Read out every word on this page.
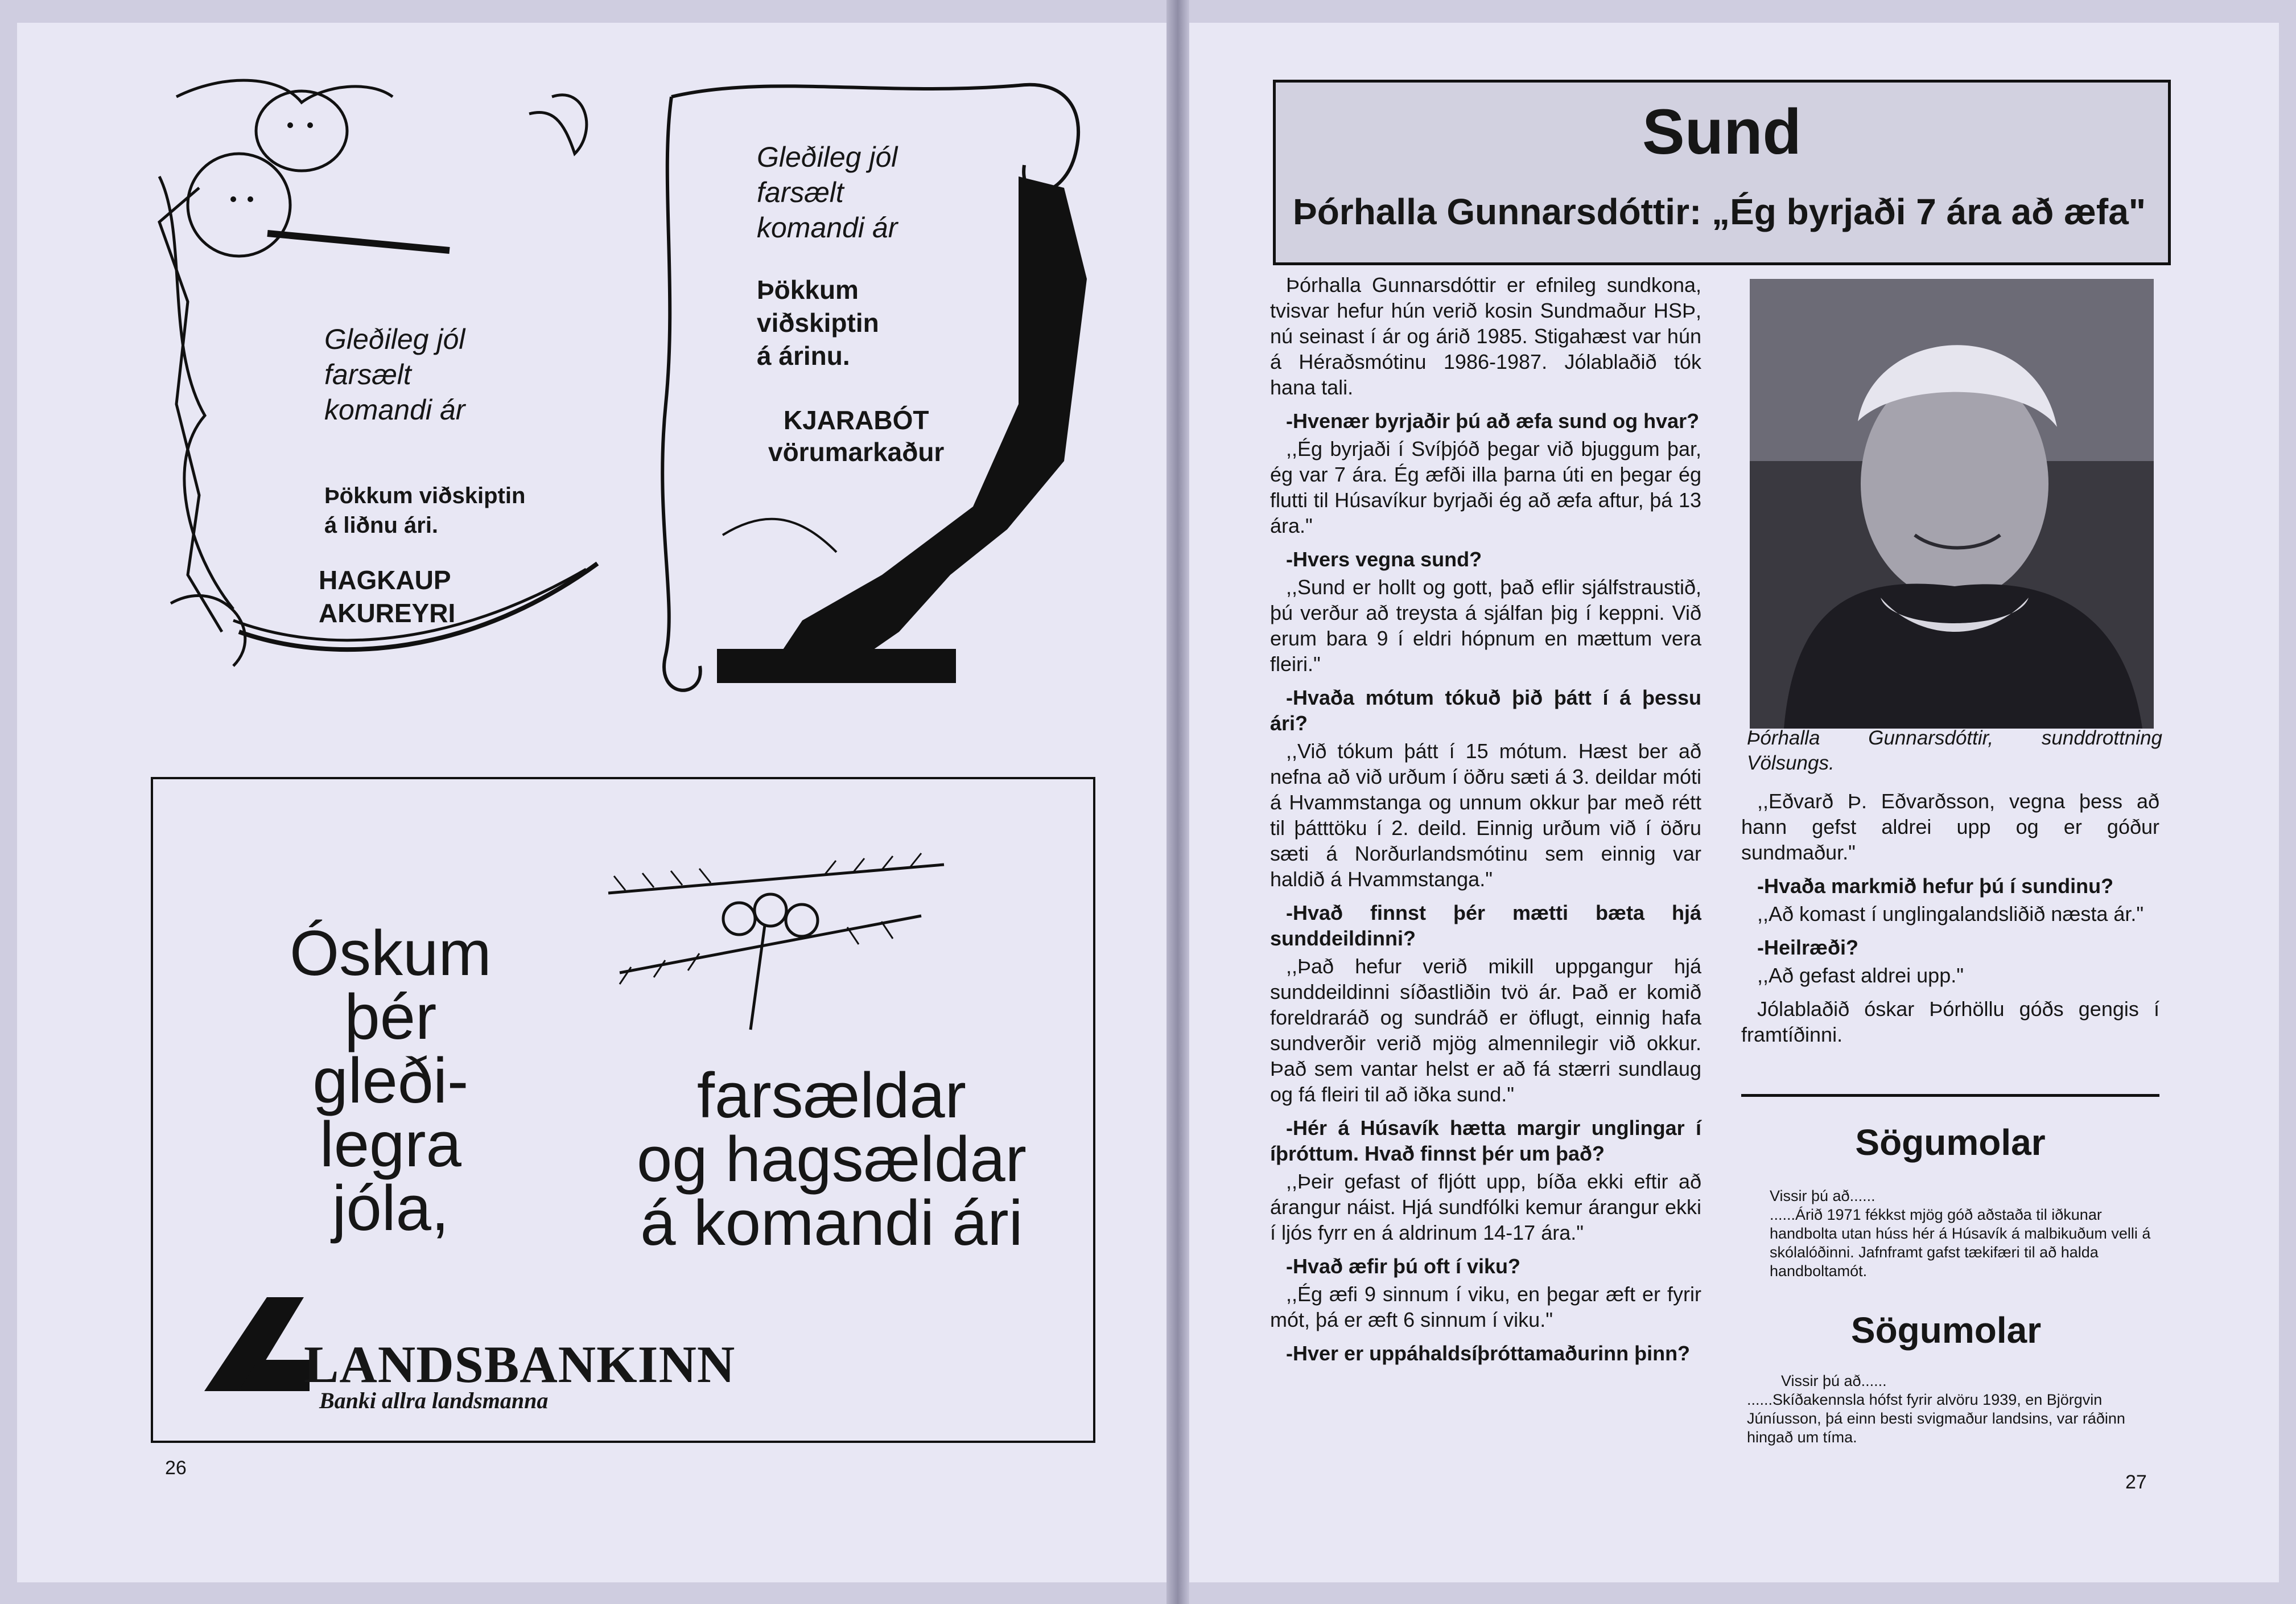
Gleðileg jól
farsælt
komandi ár
Þökkum viðskiptin
á liðnu ári.
HAGKAUP
AKUREYRI
Gleðileg jól
farsælt
komandi ár
Þökkum
viðskiptin
á árinu.
KJARABÓT
vörumarkaður
Óskum
þér
gleði-
legra
jóla,
farsældar
og hagsældar
á komandi ári
LANDSBANKINN
Banki allra landsmanna
26
Sund
Þórhalla Gunnarsdóttir: „Ég byrjaði 7 ára að æfa"

Þórhalla Gunnarsdóttir er efnileg sundkona, tvisvar hefur hún verið kosin Sundmaður HSÞ, nú seinast í ár og árið 1985. Stigahæst var hún á Héraðsmótinu 1986-1987. Jólablaðið tók hana tali.

-Hvenær byrjaðir þú að æfa sund og hvar?

,,Ég byrjaði í Svíþjóð þegar við bjuggum þar, ég var 7 ára. Ég æfði illa þarna úti en þegar ég flutti til Húsavíkur byrjaði ég að æfa aftur, þá 13 ára."

-Hvers vegna sund?

,,Sund er hollt og gott, það eflir sjálfstraustið, þú verður að treysta á sjálfan þig í keppni. Við erum bara 9 í eldri hópnum en mættum vera fleiri."

-Hvaða mótum tókuð þið þátt í á þessu ári?

,,Við tókum þátt í 15 mótum. Hæst ber að nefna að við urðum í öðru sæti á 3. deildar móti á Hvammstanga og unnum okkur þar með rétt til þátttöku í 2. deild. Einnig urðum við í öðru sæti á Norðurlandsmótinu sem einnig var haldið á Hvammstanga."

-Hvað finnst þér mætti bæta hjá sunddeildinni?

,,Það hefur verið mikill uppgangur hjá sunddeildinni síðastliðin tvö ár. Það er komið foreldraráð og sundráð er öflugt, einnig hafa sundverðir verið mjög almennilegir við okkur. Það sem vantar helst er að fá stærri sundlaug og fá fleiri til að iðka sund."

-Hér á Húsavík hætta margir unglingar í íþróttum. Hvað finnst þér um það?

,,Þeir gefast of fljótt upp, bíða ekki eftir að árangur náist. Hjá sundfólki kemur árangur ekki í ljós fyrr en á aldrinum 14-17 ára."

-Hvað æfir þú oft í viku?

,,Ég æfi 9 sinnum í viku, en þegar æft er fyrir mót, þá er æft 6 sinnum í viku."

-Hver er uppáhaldsíþróttamaðurinn þinn?

Þórhalla Gunnarsdóttir, sunddrottning Völsungs.

,,Eðvarð Þ. Eðvarðsson, vegna þess að hann gefst aldrei upp og er góður sundmaður."

-Hvaða markmið hefur þú í sundinu?

,,Að komast í unglingalandsliðið næsta ár."

-Heilræði?

,,Að gefast aldrei upp."

Jólablaðið óskar Þórhöllu góðs gengis í framtíðinni.

Sögumolar
Vissir þú að......
......Árið 1971 fékkst mjög góð aðstaða til iðkunar handbolta utan húss hér á Húsavík á malbikuðum velli á skólalóðinni. Jafnframt gafst tækifæri til að halda handboltamót.
Sögumolar
Vissir þú að......
......Skíðakennsla hófst fyrir alvöru 1939, en Björgvin Júníusson, þá einn besti svigmaður landsins, var ráðinn hingað um tíma.
27
